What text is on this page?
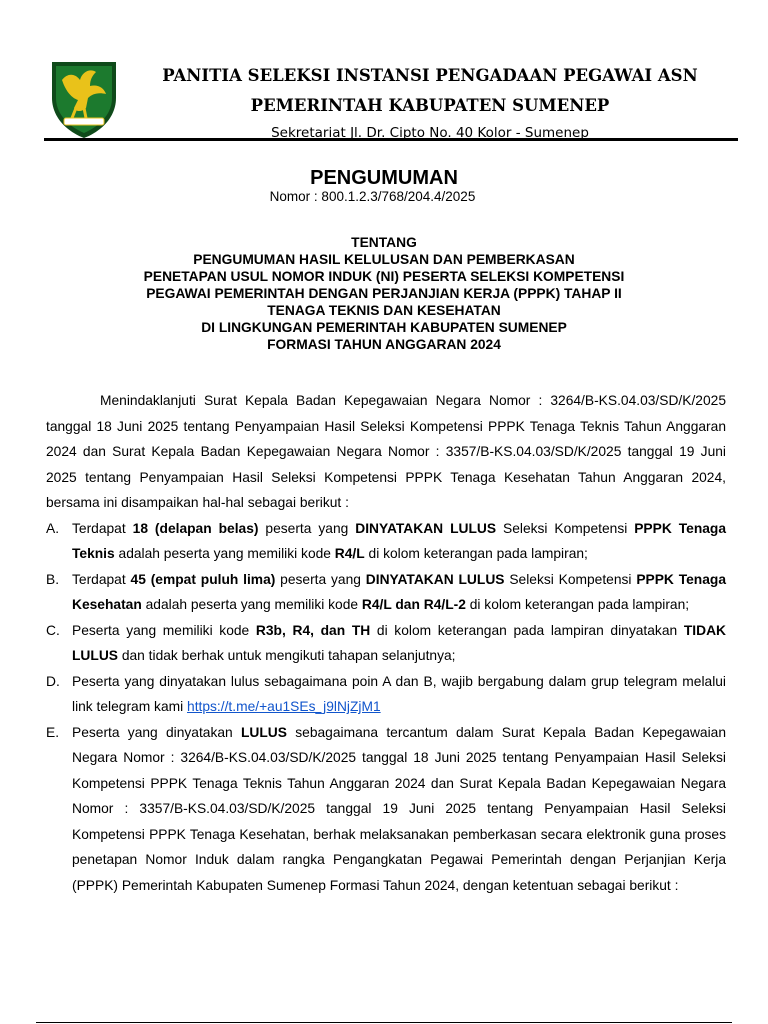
PANITIA SELEKSI INSTANSI PENGADAAN PEGAWAI ASN
PEMERINTAH KABUPATEN SUMENEP
Sekretariat Jl. Dr. Cipto No. 40 Kolor - Sumenep
PENGUMUMAN
Nomor : 800.1.2.3/768/204.4/2025
TENTANG
PENGUMUMAN HASIL KELULUSAN DAN PEMBERKASAN
PENETAPAN USUL NOMOR INDUK (NI) PESERTA SELEKSI KOMPETENSI
PEGAWAI PEMERINTAH DENGAN PERJANJIAN KERJA (PPPK) TAHAP II
TENAGA TEKNIS DAN KESEHATAN
DI LINGKUNGAN PEMERINTAH KABUPATEN SUMENEP
FORMASI TAHUN ANGGARAN 2024

Menindaklanjuti Surat Kepala Badan Kepegawaian Negara Nomor : 3264/B-KS.04.03/SD/K/2025 tanggal 18 Juni 2025 tentang Penyampaian Hasil Seleksi Kompetensi PPPK Tenaga Teknis Tahun Anggaran 2024 dan Surat Kepala Badan Kepegawaian Negara Nomor : 3357/B-KS.04.03/SD/K/2025 tanggal 19 Juni 2025 tentang Penyampaian Hasil Seleksi Kompetensi PPPK Tenaga Kesehatan Tahun Anggaran 2024, bersama ini disampaikan hal-hal sebagai berikut :

A. Terdapat 18 (delapan belas) peserta yang DINYATAKAN LULUS Seleksi Kompetensi PPPK Tenaga Teknis adalah peserta yang memiliki kode R4/L di kolom keterangan pada lampiran;
B. Terdapat 45 (empat puluh lima) peserta yang DINYATAKAN LULUS Seleksi Kompetensi PPPK Tenaga Kesehatan adalah peserta yang memiliki kode R4/L dan R4/L-2 di kolom keterangan pada lampiran;
C. Peserta yang memiliki kode R3b, R4, dan TH di kolom keterangan pada lampiran dinyatakan TIDAK LULUS dan tidak berhak untuk mengikuti tahapan selanjutnya;
D. Peserta yang dinyatakan lulus sebagaimana poin A dan B, wajib bergabung dalam grup telegram melalui link telegram kami https://t.me/+au1SEs_j9lNjZjM1
E. Peserta yang dinyatakan LULUS sebagaimana tercantum dalam Surat Kepala Badan Kepegawaian Negara Nomor : 3264/B-KS.04.03/SD/K/2025 tanggal 18 Juni 2025 tentang Penyampaian Hasil Seleksi Kompetensi PPPK Tenaga Teknis Tahun Anggaran 2024 dan Surat Kepala Badan Kepegawaian Negara Nomor : 3357/B-KS.04.03/SD/K/2025 tanggal 19 Juni 2025 tentang Penyampaian Hasil Seleksi Kompetensi PPPK Tenaga Kesehatan, berhak melaksanakan pemberkasan secara elektronik guna proses penetapan Nomor Induk dalam rangka Pengangkatan Pegawai Pemerintah dengan Perjanjian Kerja (PPPK) Pemerintah Kabupaten Sumenep Formasi Tahun 2024, dengan ketentuan sebagai berikut :
